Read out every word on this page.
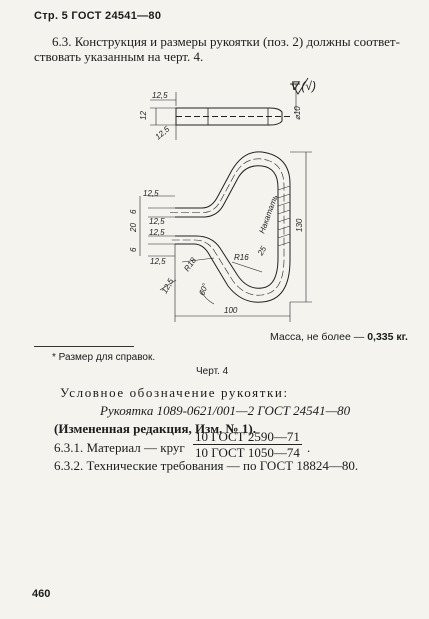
Стр. 5 ГОСТ 24541—80
6.3. Конструкция и размеры рукоятки (поз. 2) должны соответ-
ствовать указанным на черт. 4.
12,5
12
12,5
⌀10
∇ (√)
12,5
6
12,5
20
12,5
6
12,5
12,5
R18	R16
60°
25
130
100
Накатать
Масса, не более — 0,335 кг.
* Размер для справок.
Черт. 4
Условное обозначение рукоятки:
Рукоятка 1089-0621/001—2 ГОСТ 24541—80
(Измененная редакция, Изм. № 1).
6.3.1. Материал — круг
10 ГОСТ 2590—71
10 ГОСТ 1050—74 .
6.3.2. Технические требования — по ГОСТ 18824—80.
460
